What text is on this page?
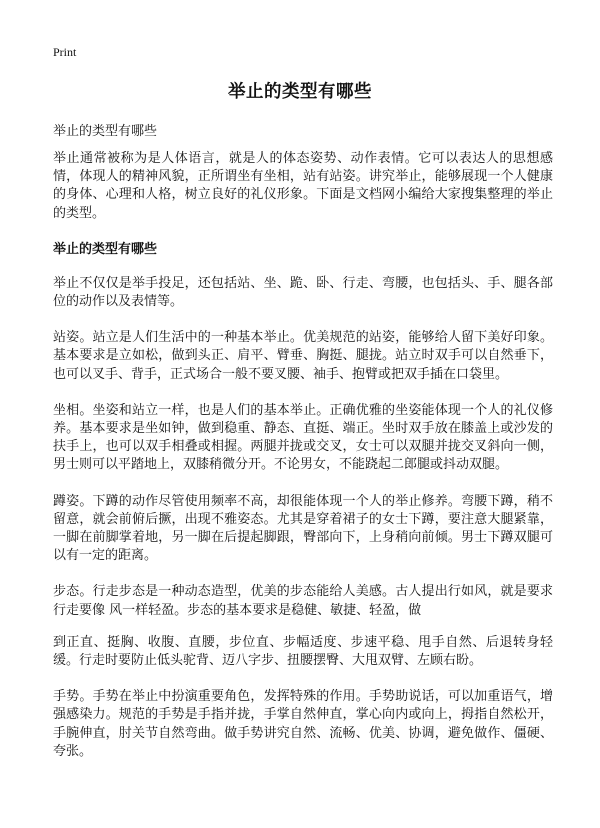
Print
举止的类型有哪些

举止的类型有哪些

举止通常被称为是人体语言，就是人的体态姿势、动作表情。它可以表达人的思想感情，体现人的精神风貌，正所谓坐有坐相，站有站姿。讲究举止，能够展现一个人健康的身体、心理和人格，树立良好的礼仪形象。下面是文档网小编给大家搜集整理的举止的类型。

举止的类型有哪些

举止不仅仅是举手投足，还包括站、坐、跪、卧、行走、弯腰，也包括头、手、腿各部位的动作以及表情等。

站姿。站立是人们生活中的一种基本举止。优美规范的站姿，能够给人留下美好印象。基本要求是立如松，做到头正、肩平、臂垂、胸挺、腿拢。站立时双手可以自然垂下，也可以叉手、背手，正式场合一般不要叉腰、袖手、抱臂或把双手插在口袋里。

坐相。坐姿和站立一样，也是人们的基本举止。正确优雅的坐姿能体现一个人的礼仪修养。基本要求是坐如钟，做到稳重、静态、直挺、端正。坐时双手放在膝盖上或沙发的扶手上，也可以双手相叠或相握。两腿并拢或交叉，女士可以双腿并拢交叉斜向一侧，男士则可以平踏地上，双膝稍微分开。不论男女，不能跷起二郎腿或抖动双腿。

蹲姿。下蹲的动作尽管使用频率不高，却很能体现一个人的举止修养。弯腰下蹲，稍不留意，就会前俯后撅，出现不雅姿态。尤其是穿着裙子的女士下蹲，要注意大腿紧靠，一脚在前脚掌着地，另一脚在后提起脚跟，臀部向下，上身稍向前倾。男士下蹲双腿可以有一定的距离。

步态。行走步态是一种动态造型，优美的步态能给人美感。古人提出行如风，就是要求行走要像 风一样轻盈。步态的基本要求是稳健、敏捷、轻盈，做

到正直、挺胸、收腹、直腰，步位直、步幅适度、步速平稳、甩手自然、后退转身轻缓。行走时要防止低头驼背、迈八字步、扭腰摆臀、大甩双臂、左顾右盼。

手势。手势在举止中扮演重要角色，发挥特殊的作用。手势助说话，可以加重语气，增强感染力。规范的手势是手指并拢，手掌自然伸直，掌心向内或向上，拇指自然松开，手腕伸直，肘关节自然弯曲。做手势讲究自然、流畅、优美、协调，避免做作、僵硬、夸张。
